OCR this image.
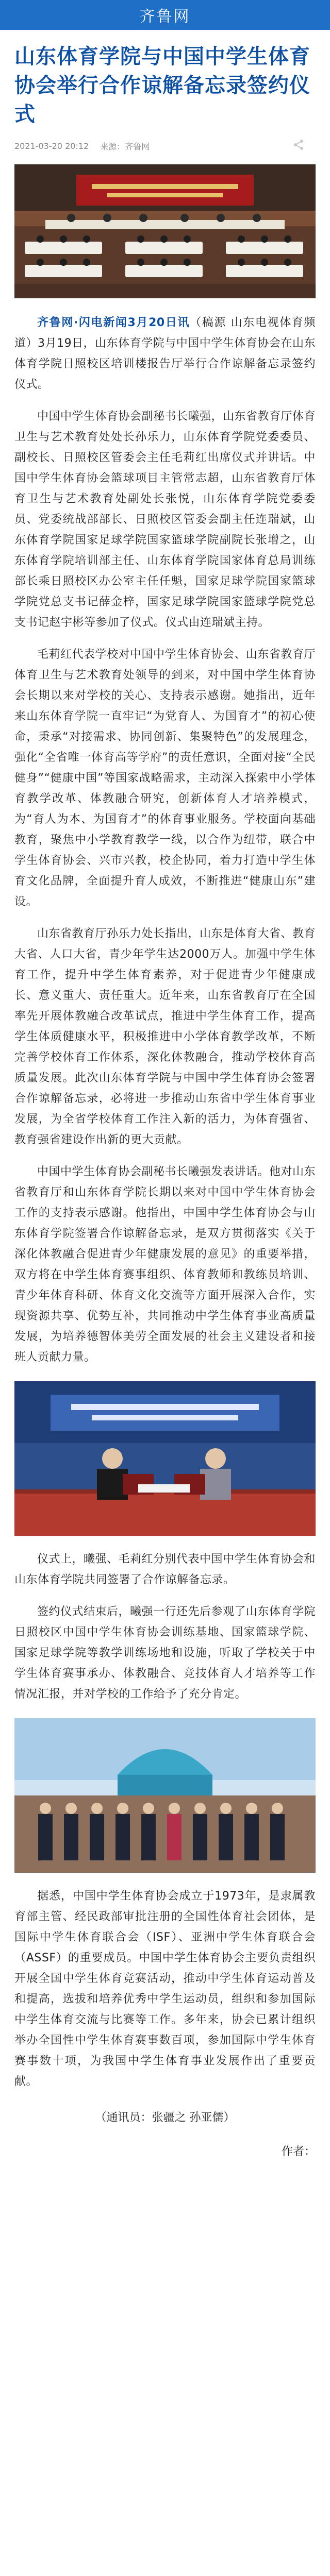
齐鲁网
山东体育学院与中国中学生体育协会举行合作谅解备忘录签约仪式
2021-03-20 20:12 来源：齐鲁网

齐鲁网·闪电新闻3月20日讯（稿源 山东电视体育频道）3月19日，山东体育学院与中国中学生体育协会在山东体育学院日照校区培训楼报告厅举行合作谅解备忘录签约仪式。

中国中学生体育协会副秘书长曦强，山东省教育厅体育卫生与艺术教育处处长孙乐力，山东体育学院党委委员、副校长、日照校区管委会主任毛莉红出席仪式并讲话。中国中学生体育协会篮球项目主管常志超，山东省教育厅体育卫生与艺术教育处副处长张悦，山东体育学院党委委员、党委统战部部长、日照校区管委会副主任连瑞斌，山东体育学院国家足球学院国家篮球学院副院长张增之，山东体育学院培训部主任、山东体育学院国家体育总局训练部长乘日照校区办公室主任任魁，国家足球学院国家篮球学院党总支书记薛金梓，国家足球学院国家篮球学院党总支书记赵宇彬等参加了仪式。仪式由连瑞斌主持。

毛莉红代表学校对中国中学生体育协会、山东省教育厅体育卫生与艺术教育处领导的到来，对中国中学生体育协会长期以来对学校的关心、支持表示感谢。她指出，近年来山东体育学院一直牢记“为党育人、为国育才”的初心使命，秉承“对接需求、协同创新、集聚特色”的发展理念，强化“全省唯一体育高等学府”的责任意识，全面对接“全民健身”“健康中国”等国家战略需求，主动深入探索中小学体育教学改革、体教融合研究，创新体育人才培养模式，为“育人为本、为国育才”的体育事业服务。学校面向基础教育，聚焦中小学教育教学一线，以合作为纽带，联合中学生体育协会、兴市兴教，校企协同，着力打造中学生体育文化品牌，全面提升育人成效，不断推进“健康山东”建设。

山东省教育厅孙乐力处长指出，山东是体育大省、教育大省、人口大省，青少年学生达2000万人。加强中学生体育工作，提升中学生体育素养，对于促进青少年健康成长、意义重大、责任重大。近年来，山东省教育厅在全国率先开展体教融合改革试点，推进中学生体育工作，提高学生体质健康水平，积极推进中小学体育教学改革，不断完善学校体育工作体系，深化体教融合，推动学校体育高质量发展。此次山东体育学院与中国中学生体育协会签署合作谅解备忘录，必将进一步推动山东省中学生体育事业发展，为全省学校体育工作注入新的活力，为体育强省、教育强省建设作出新的更大贡献。

中国中学生体育协会副秘书长曦强发表讲话。他对山东省教育厅和山东体育学院长期以来对中国中学生体育协会工作的支持表示感谢。他指出，中国中学生体育协会与山东体育学院签署合作谅解备忘录，是双方贯彻落实《关于深化体教融合促进青少年健康发展的意见》的重要举措，双方将在中学生体育赛事组织、体育教师和教练员培训、青少年体育科研、体育文化交流等方面开展深入合作，实现资源共享、优势互补，共同推动中学生体育事业高质量发展，为培养德智体美劳全面发展的社会主义建设者和接班人贡献力量。

仪式上，曦强、毛莉红分别代表中国中学生体育协会和山东体育学院共同签署了合作谅解备忘录。

签约仪式结束后，曦强一行还先后参观了山东体育学院日照校区中国中学生体育协会训练基地、国家篮球学院、国家足球学院等教学训练场地和设施，听取了学校关于中学生体育赛事承办、体教融合、竞技体育人才培养等工作情况汇报，并对学校的工作给予了充分肯定。

据悉，中国中学生体育协会成立于1973年，是隶属教育部主管、经民政部审批注册的全国性体育社会团体，是国际中学生体育联合会（ISF）、亚洲中学生体育联合会（ASSF）的重要成员。中国中学生体育协会主要负责组织开展全国中学生体育竞赛活动，推动中学生体育运动普及和提高，选拔和培养优秀中学生运动员，组织和参加国际中学生体育交流与比赛等工作。多年来，协会已累计组织举办全国性中学生体育赛事数百项，参加国际中学生体育赛事数十项，为我国中学生体育事业发展作出了重要贡献。

（通讯员：张疆之 孙亚儒）

作者：
